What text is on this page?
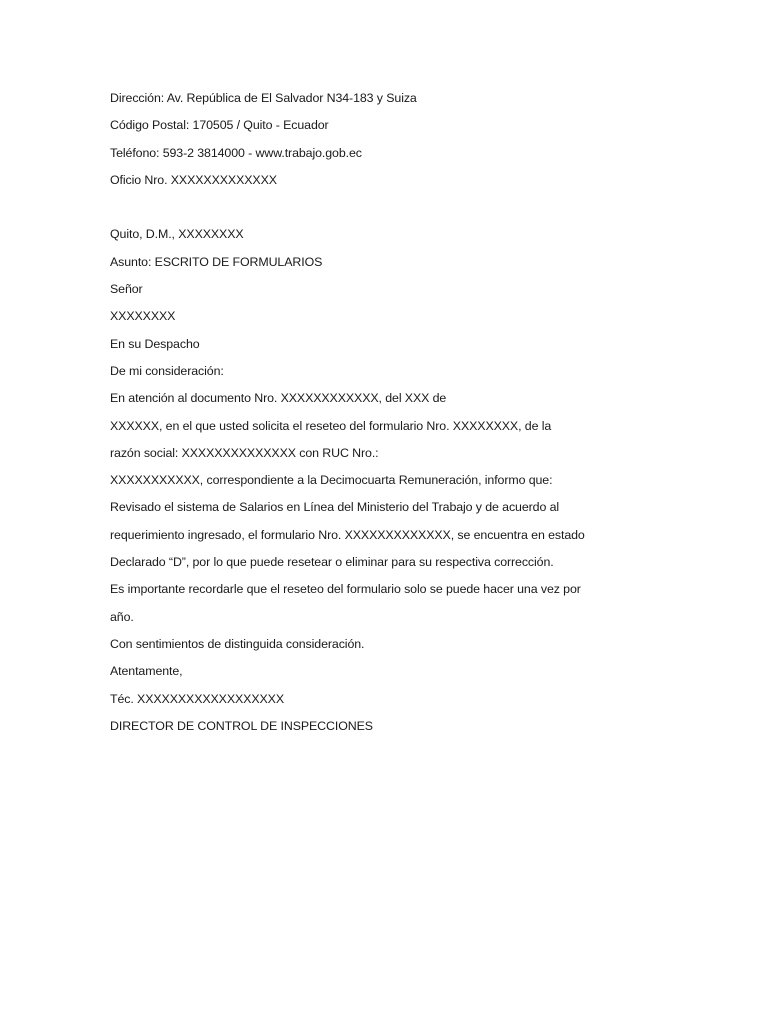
Dirección: Av. República de El Salvador N34-183 y Suiza
Código Postal: 170505 / Quito - Ecuador
Teléfono: 593-2 3814000 - www.trabajo.gob.ec
Oficio Nro. XXXXXXXXXXXXX
Quito, D.M., XXXXXXXX
Asunto: ESCRITO DE FORMULARIOS
Señor
XXXXXXXX
En su Despacho
De mi consideración:
En atención al documento Nro. XXXXXXXXXXXX, del XXX de
XXXXXX, en el que usted solicita el reseteo del formulario Nro. XXXXXXXX, de la
razón social: XXXXXXXXXXXXXX con RUC Nro.:
XXXXXXXXXXX, correspondiente a la Decimocuarta Remuneración, informo que:
Revisado el sistema de Salarios en Línea del Ministerio del Trabajo y de acuerdo al
requerimiento ingresado, el formulario Nro. XXXXXXXXXXXXX, se encuentra en estado
Declarado “D”, por lo que puede resetear o eliminar para su respectiva corrección.
Es importante recordarle que el reseteo del formulario solo se puede hacer una vez por
año.
Con sentimientos de distinguida consideración.
Atentamente,
Téc. XXXXXXXXXXXXXXXXXX
DIRECTOR DE CONTROL DE INSPECCIONES
